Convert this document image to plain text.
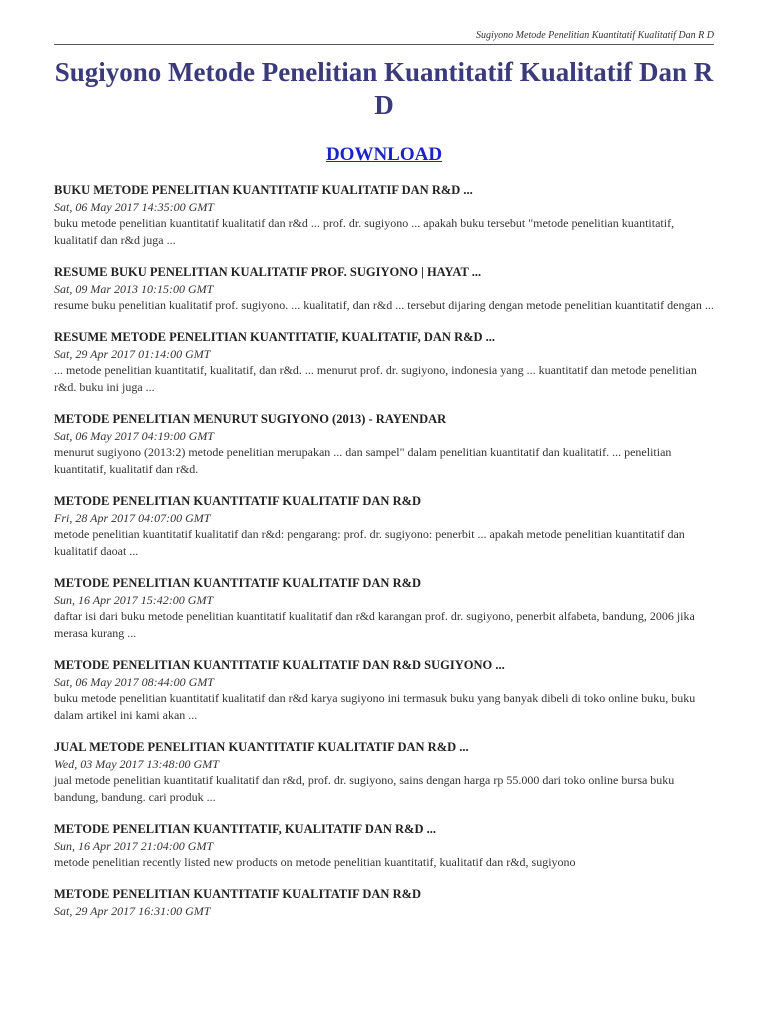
Sugiyono Metode Penelitian Kuantitatif Kualitatif Dan R D
Sugiyono Metode Penelitian Kuantitatif Kualitatif Dan R D
DOWNLOAD
BUKU METODE PENELITIAN KUANTITATIF KUALITATIF DAN R&D ...
Sat, 06 May 2017 14:35:00 GMT
buku metode penelitian kuantitatif kualitatif dan r&d ... prof. dr. sugiyono ... apakah buku tersebut "metode penelitian kuantitatif, kualitatif dan r&d juga ...
RESUME BUKU PENELITIAN KUALITATIF PROF. SUGIYONO | HAYAT ...
Sat, 09 Mar 2013 10:15:00 GMT
resume buku penelitian kualitatif prof. sugiyono. ... kualitatif, dan r&d ... tersebut dijaring dengan metode penelitian kuantitatif dengan ...
RESUME METODE PENELITIAN KUANTITATIF, KUALITATIF, DAN R&D ...
Sat, 29 Apr 2017 01:14:00 GMT
... metode penelitian kuantitatif, kualitatif, dan r&d. ... menurut prof. dr. sugiyono, indonesia yang ... kuantitatif dan metode penelitian r&d. buku ini juga ...
METODE PENELITIAN MENURUT SUGIYONO (2013) - RAYENDAR
Sat, 06 May 2017 04:19:00 GMT
menurut sugiyono (2013:2) metode penelitian merupakan ... dan sampel" dalam penelitian kuantitatif dan kualitatif. ... penelitian kuantitatif, kualitatif dan r&d.
METODE PENELITIAN KUANTITATIF KUALITATIF DAN R&D
Fri, 28 Apr 2017 04:07:00 GMT
metode penelitian kuantitatif kualitatif dan r&d: pengarang: prof. dr. sugiyono: penerbit ... apakah metode penelitian kuantitatif dan kualitatif daoat ...
METODE PENELITIAN KUANTITATIF KUALITATIF DAN R&D
Sun, 16 Apr 2017 15:42:00 GMT
daftar isi dari buku metode penelitian kuantitatif kualitatif dan r&d karangan prof. dr. sugiyono, penerbit alfabeta, bandung, 2006 jika merasa kurang ...
METODE PENELITIAN KUANTITATIF KUALITATIF DAN R&D SUGIYONO ...
Sat, 06 May 2017 08:44:00 GMT
buku metode penelitian kuantitatif kualitatif dan r&d karya sugiyono ini termasuk buku yang banyak dibeli di toko online buku, buku dalam artikel ini kami akan ...
JUAL METODE PENELITIAN KUANTITATIF KUALITATIF DAN R&D ...
Wed, 03 May 2017 13:48:00 GMT
jual metode penelitian kuantitatif kualitatif dan r&d, prof. dr. sugiyono, sains dengan harga rp 55.000 dari toko online bursa buku bandung, bandung. cari produk ...
METODE PENELITIAN KUANTITATIF, KUALITATIF DAN R&D ...
Sun, 16 Apr 2017 21:04:00 GMT
metode penelitian recently listed new products on metode penelitian kuantitatif, kualitatif dan r&d, sugiyono
METODE PENELITIAN KUANTITATIF KUALITATIF DAN R&D
Sat, 29 Apr 2017 16:31:00 GMT
